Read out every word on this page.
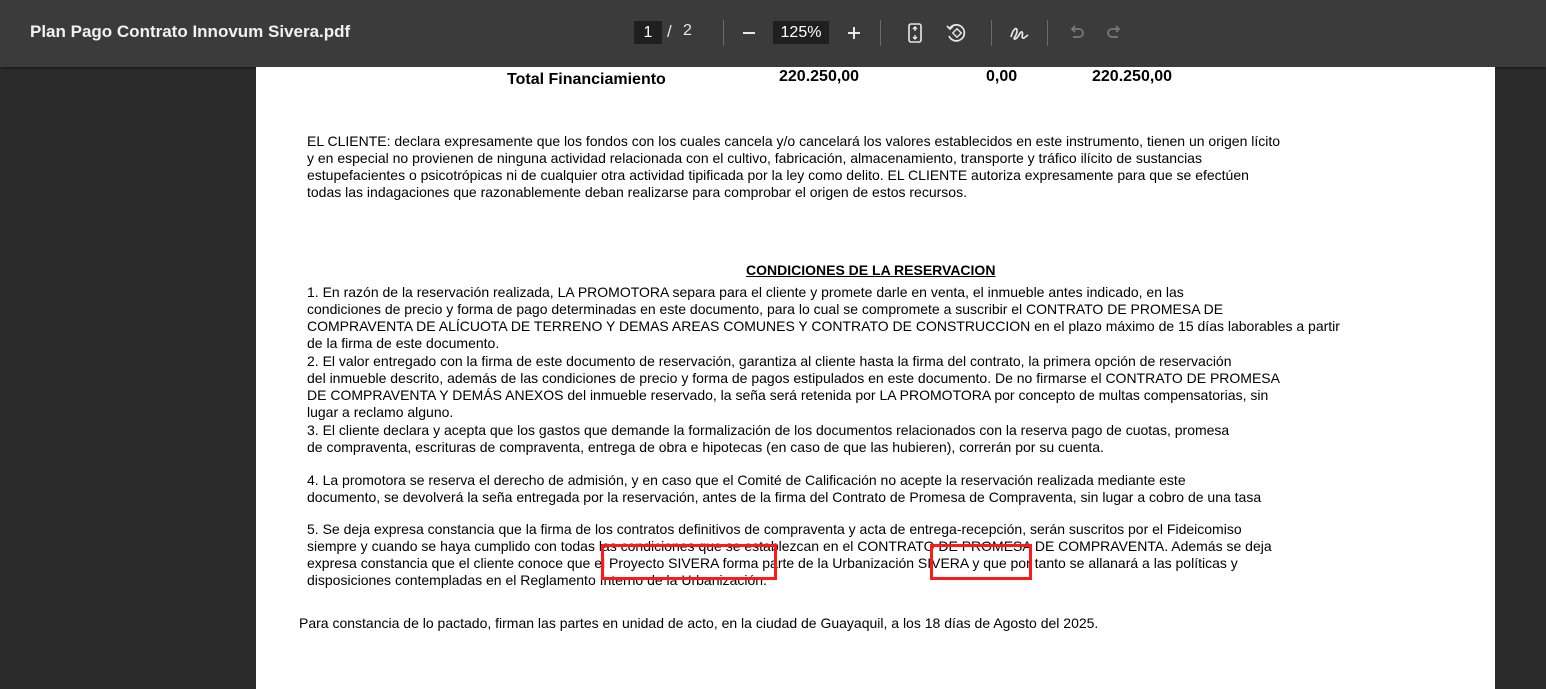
Plan Pago Contrato Innovum Sivera.pdf	1 / 2	125%
Total Financiamiento	220.250,00	0,00	220.250,00
EL CLIENTE: declara expresamente que los fondos con los cuales cancela y/o cancelará los valores establecidos en este instrumento, tienen un origen lícito
y en especial no provienen de ninguna actividad relacionada con el cultivo, fabricación, almacenamiento, transporte y tráfico ilícito de sustancias
estupefacientes o psicotrópicas ni de cualquier otra actividad tipificada por la ley como delito. EL CLIENTE autoriza expresamente para que se efectúen
todas las indagaciones que razonablemente deban realizarse para comprobar el origen de estos recursos.
CONDICIONES DE LA RESERVACION
1. En razón de la reservación realizada, LA PROMOTORA separa para el cliente y promete darle en venta, el inmueble antes indicado, en las
condiciones de precio y forma de pago determinadas en este documento, para lo cual se compromete a suscribir el CONTRATO DE PROMESA DE
COMPRAVENTA DE ALÍCUOTA DE TERRENO Y DEMAS AREAS COMUNES Y CONTRATO DE CONSTRUCCION en el plazo máximo de 15 días laborables a partir
de la firma de este documento.
2. El valor entregado con la firma de este documento de reservación, garantiza al cliente hasta la firma del contrato, la primera opción de reservación
del inmueble descrito, además de las condiciones de precio y forma de pagos estipulados en este documento. De no firmarse el CONTRATO DE PROMESA
DE COMPRAVENTA Y DEMÁS ANEXOS del inmueble reservado, la seña será retenida por LA PROMOTORA por concepto de multas compensatorias, sin
lugar a reclamo alguno.
3. El cliente declara y acepta que los gastos que demande la formalización de los documentos relacionados con la reserva pago de cuotas, promesa
de compraventa, escrituras de compraventa, entrega de obra e hipotecas (en caso de que las hubieren), correrán por su cuenta.
4. La promotora se reserva el derecho de admisión, y en caso que el Comité de Calificación no acepte la reservación realizada mediante este
documento, se devolverá la seña entregada por la reservación, antes de la firma del Contrato de Promesa de Compraventa, sin lugar a cobro de una tasa
5. Se deja expresa constancia que la firma de los contratos definitivos de compraventa y acta de entrega-recepción, serán suscritos por el Fideicomiso
siempre y cuando se haya cumplido con todas las condiciones que se establezcan en el CONTRATO DE PROMESA DE COMPRAVENTA. Además se deja
expresa constancia que el cliente conoce que el Proyecto SIVERA forma parte de la Urbanización SIVERA y que por tanto se allanará a las políticas y
disposiciones contempladas en el Reglamento Interno de la Urbanización.
Para constancia de lo pactado, firman las partes en unidad de acto, en la ciudad de Guayaquil, a los 18 días de Agosto del 2025.
